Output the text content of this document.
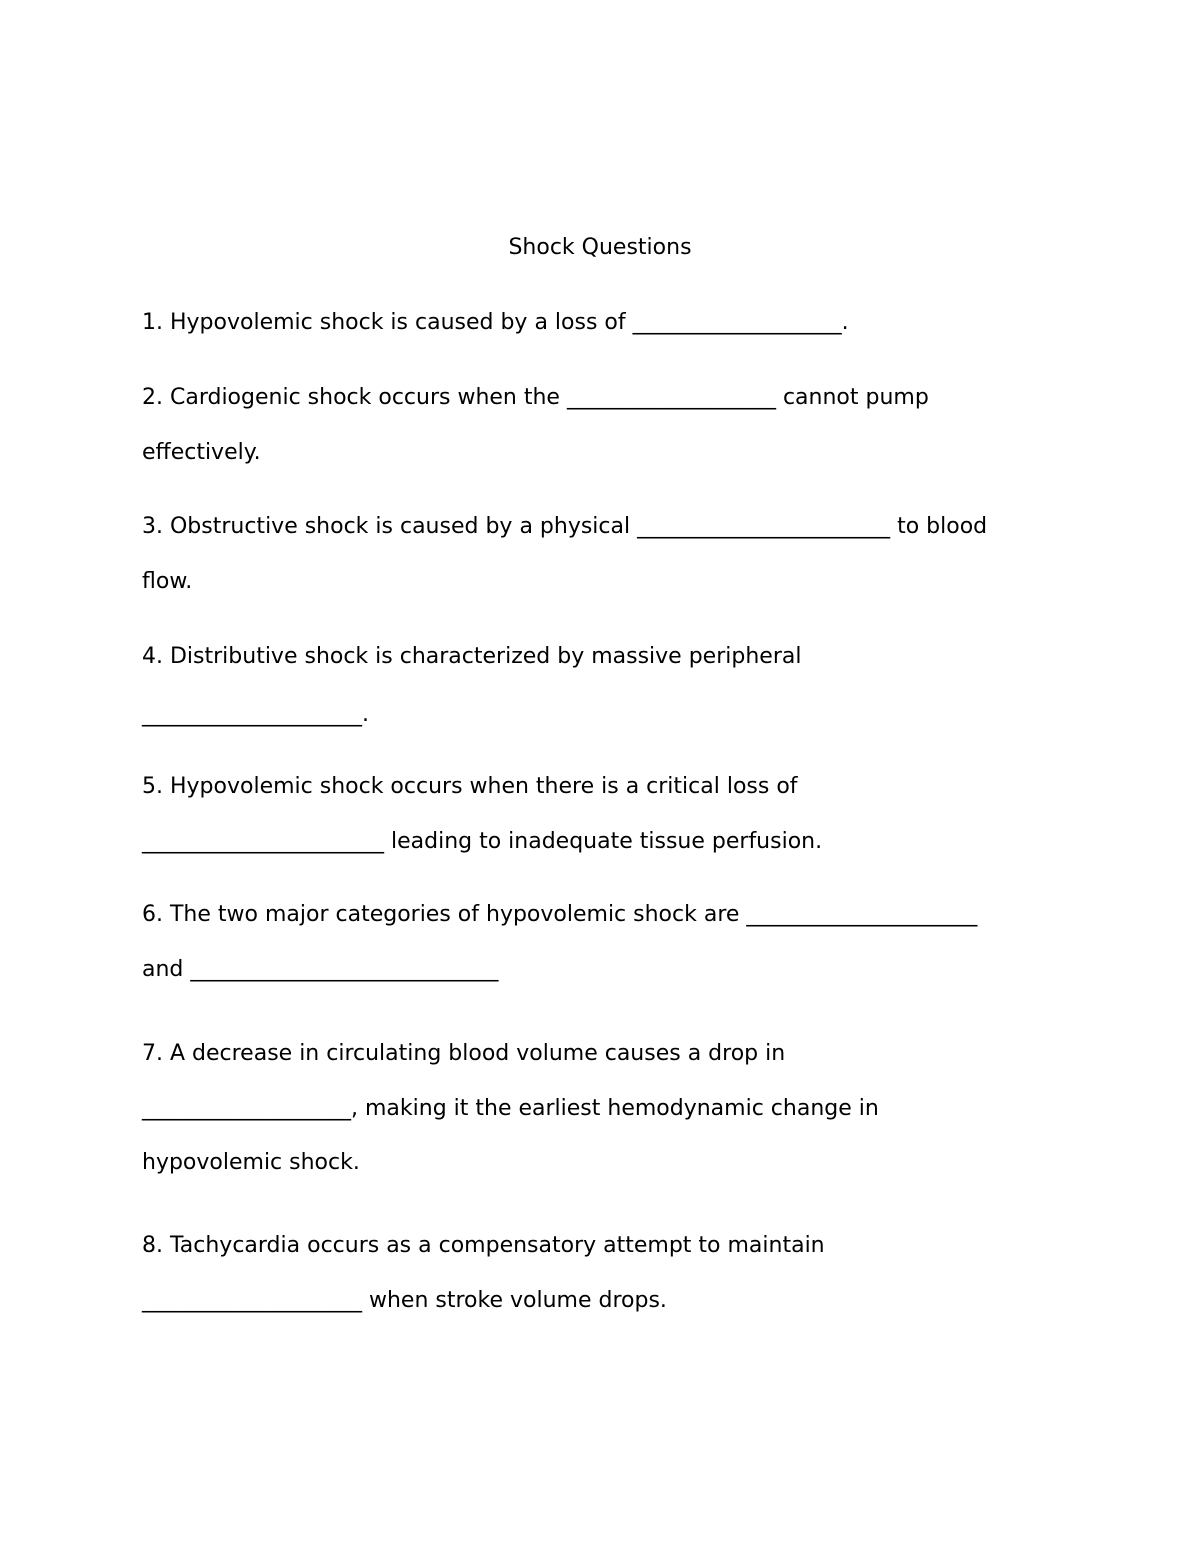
Shock Questions
1. Hypovolemic shock is caused by a loss of ___________________.
2. Cardiogenic shock occurs when the ___________________ cannot pump
effectively.
3. Obstructive shock is caused by a physical _______________________ to blood
flow.
4. Distributive shock is characterized by massive peripheral
____________________.
5. Hypovolemic shock occurs when there is a critical loss of
______________________ leading to inadequate tissue perfusion.
6. The two major categories of hypovolemic shock are _____________________
and ____________________________
7. A decrease in circulating blood volume causes a drop in
___________________, making it the earliest hemodynamic change in
hypovolemic shock.
8. Tachycardia occurs as a compensatory attempt to maintain
____________________ when stroke volume drops.
